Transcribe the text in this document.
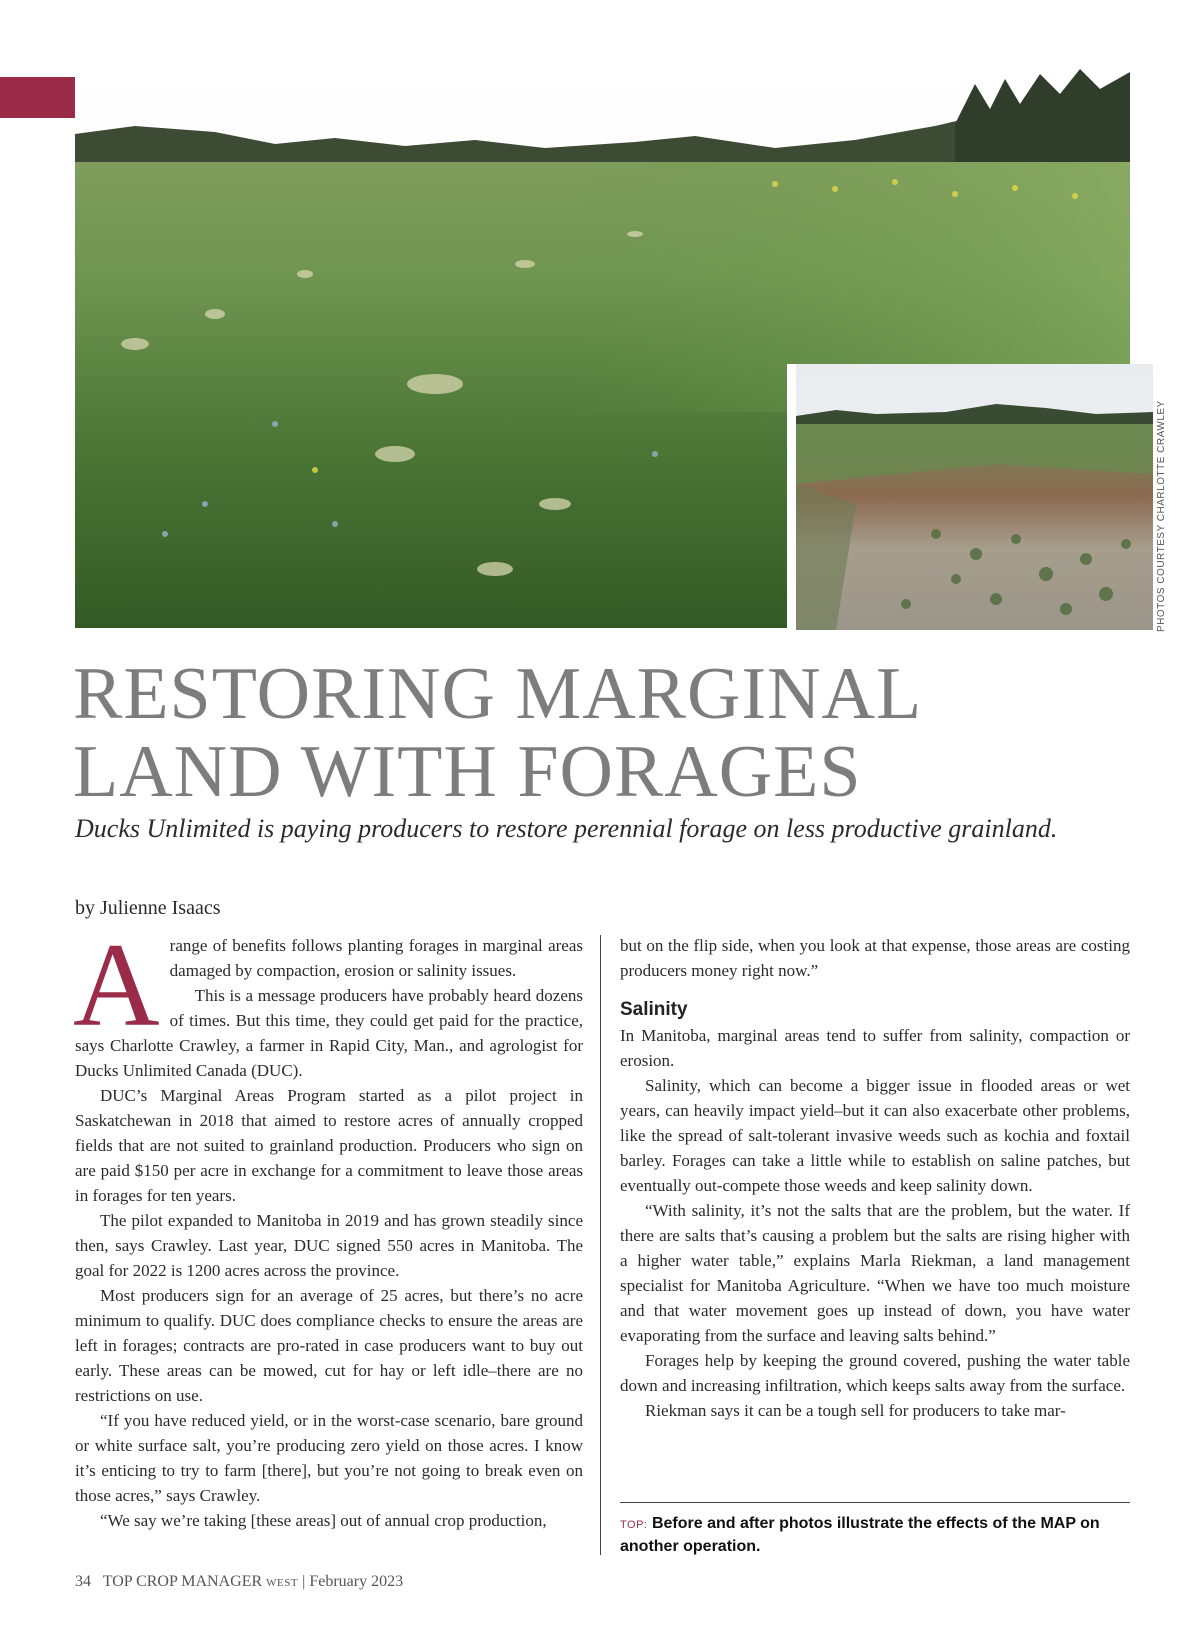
PHOTOS COURTESY CHARLOTTE CRAWLEY
RESTORING MARGINAL
LAND WITH FORAGES

Ducks Unlimited is paying producers to restore perennial forage on less productive grainland.

by Julienne Isaacs

Arange of benefits follows planting forages in marginal areas damaged by compaction, erosion or salinity issues.

This is a message producers have probably heard dozens of times. But this time, they could get paid for the practice, says Charlotte Crawley, a farmer in Rapid City, Man., and agrologist for Ducks Unlimited Canada (DUC).

DUC’s Marginal Areas Program started as a pilot project in Saskatchewan in 2018 that aimed to restore acres of annually cropped fields that are not suited to grainland production. Producers who sign on are paid $150 per acre in exchange for a commitment to leave those areas in forages for ten years.

The pilot expanded to Manitoba in 2019 and has grown steadily since then, says Crawley. Last year, DUC signed 550 acres in Manitoba. The goal for 2022 is 1200 acres across the province.

Most producers sign for an average of 25 acres, but there’s no acre minimum to qualify. DUC does compliance checks to ensure the areas are left in forages; contracts are pro-rated in case producers want to buy out early. These areas can be mowed, cut for hay or left idle–there are no restrictions on use.

“If you have reduced yield, or in the worst-case scenario, bare ground or white surface salt, you’re producing zero yield on those acres. I know it’s enticing to try to farm [there], but you’re not going to break even on those acres,” says Crawley.

“We say we’re taking [these areas] out of annual crop production,

but on the flip side, when you look at that expense, those areas are costing producers money right now.”

Salinity

In Manitoba, marginal areas tend to suffer from salinity, compaction or erosion.

Salinity, which can become a bigger issue in flooded areas or wet years, can heavily impact yield–but it can also exacerbate other problems, like the spread of salt-tolerant invasive weeds such as kochia and foxtail barley. Forages can take a little while to establish on saline patches, but eventually out-compete those weeds and keep salinity down.

“With salinity, it’s not the salts that are the problem, but the water. If there are salts that’s causing a problem but the salts are rising higher with a higher water table,” explains Marla Riekman, a land management specialist for Manitoba Agriculture. “When we have too much moisture and that water movement goes up instead of down, you have water evaporating from the surface and leaving salts behind.”

Forages help by keeping the ground covered, pushing the water table down and increasing infiltration, which keeps salts away from the surface.

Riekman says it can be a tough sell for producers to take mar-

TOP: Before and after photos illustrate the effects of the MAP on another operation.
34 TOP CROP MANAGER WEST | February 2023
